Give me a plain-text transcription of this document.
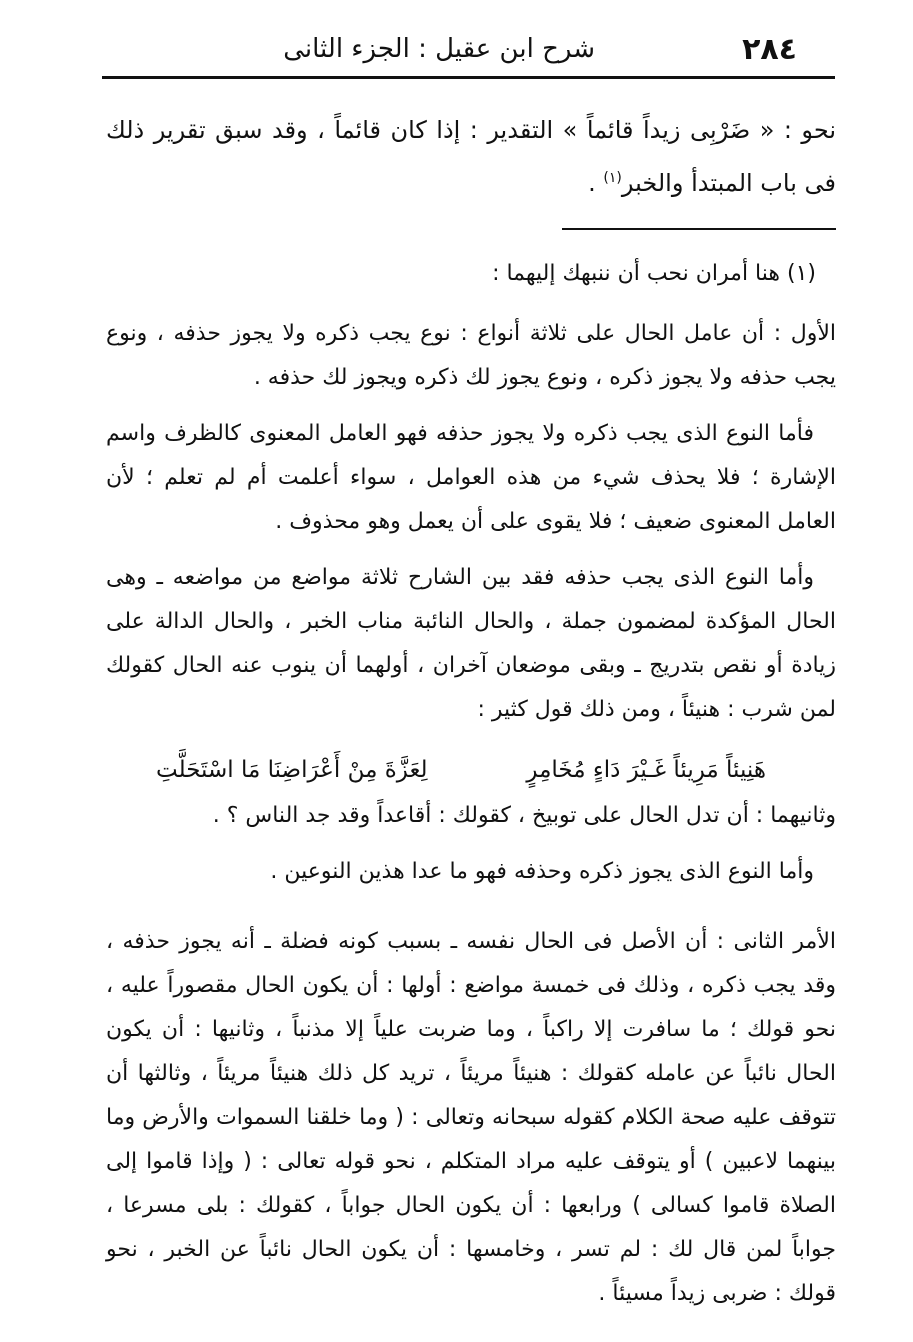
٢٨٤
شرح ابن عقيل : الجزء الثانى
نحو : « ضَرْبِى زيداً قائماً » التقدير : إذا كان قائماً ، وقد سبق تقرير ذلك فى باب المبتدأ والخبر$^{(١)}$ .

(١) هنا أمران نحب أن ننبهك إليهما :

الأول : أن عامل الحال على ثلاثة أنواع : نوع يجب ذكره ولا يجوز حذفه ، ونوع يجب حذفه ولا يجوز ذكره ، ونوع يجوز لك ذكره ويجوز لك حذفه .

فأما النوع الذى يجب ذكره ولا يجوز حذفه فهو العامل المعنوى كالظرف واسم الإشارة ؛ فلا يحذف شيء من هذه العوامل ، سواء أعلمت أم لم تعلم ؛ لأن العامل المعنوى ضعيف ؛ فلا يقوى على أن يعمل وهو محذوف .

وأما النوع الذى يجب حذفه فقد بين الشارح ثلاثة مواضع من مواضعه ـ وهى الحال المؤكدة لمضمون جملة ، والحال النائبة مناب الخبر ، والحال الدالة على زيادة أو نقص بتدريج ـ وبقى موضعان آخران ، أولهما أن ينوب عنه الحال كقولك لمن شرب : هنيئاً ، ومن ذلك قول كثير :

هَنِيئاً مَرِيئاً غَـيْرَ دَاءٍ مُخَامِرٍ
لِعَزَّةَ مِنْ أَعْرَاضِنَا مَا اسْتَحَلَّتِ

وثانيهما : أن تدل الحال على توبيخ ، كقولك : أقاعداً وقد جد الناس ؟ .

وأما النوع الذى يجوز ذكره وحذفه فهو ما عدا هذين النوعين .

الأمر الثانى : أن الأصل فى الحال نفسه ـ بسبب كونه فضلة ـ أنه يجوز حذفه ، وقد يجب ذكره ، وذلك فى خمسة مواضع : أولها : أن يكون الحال مقصوراً عليه ، نحو قولك ؛ ما سافرت إلا راكباً ، وما ضربت علياً إلا مذنباً ، وثانيها : أن يكون الحال نائباً عن عامله كقولك : هنيئاً مريئاً ، تريد كل ذلك هنيئاً مريئاً ، وثالثها أن تتوقف عليه صحة الكلام كقوله سبحانه وتعالى : ( وما خلقنا السموات والأرض وما بينهما لاعبين ) أو يتوقف عليه مراد المتكلم ، نحو قوله تعالى : ( وإذا قاموا إلى الصلاة قاموا كسالى ) ورابعها : أن يكون الحال جواباً ، كقولك : بلى مسرعا ، جواباً لمن قال لك : لم تسر ، وخامسها : أن يكون الحال نائباً عن الخبر ، نحو قولك : ضربى زيداً مسيئاً .
